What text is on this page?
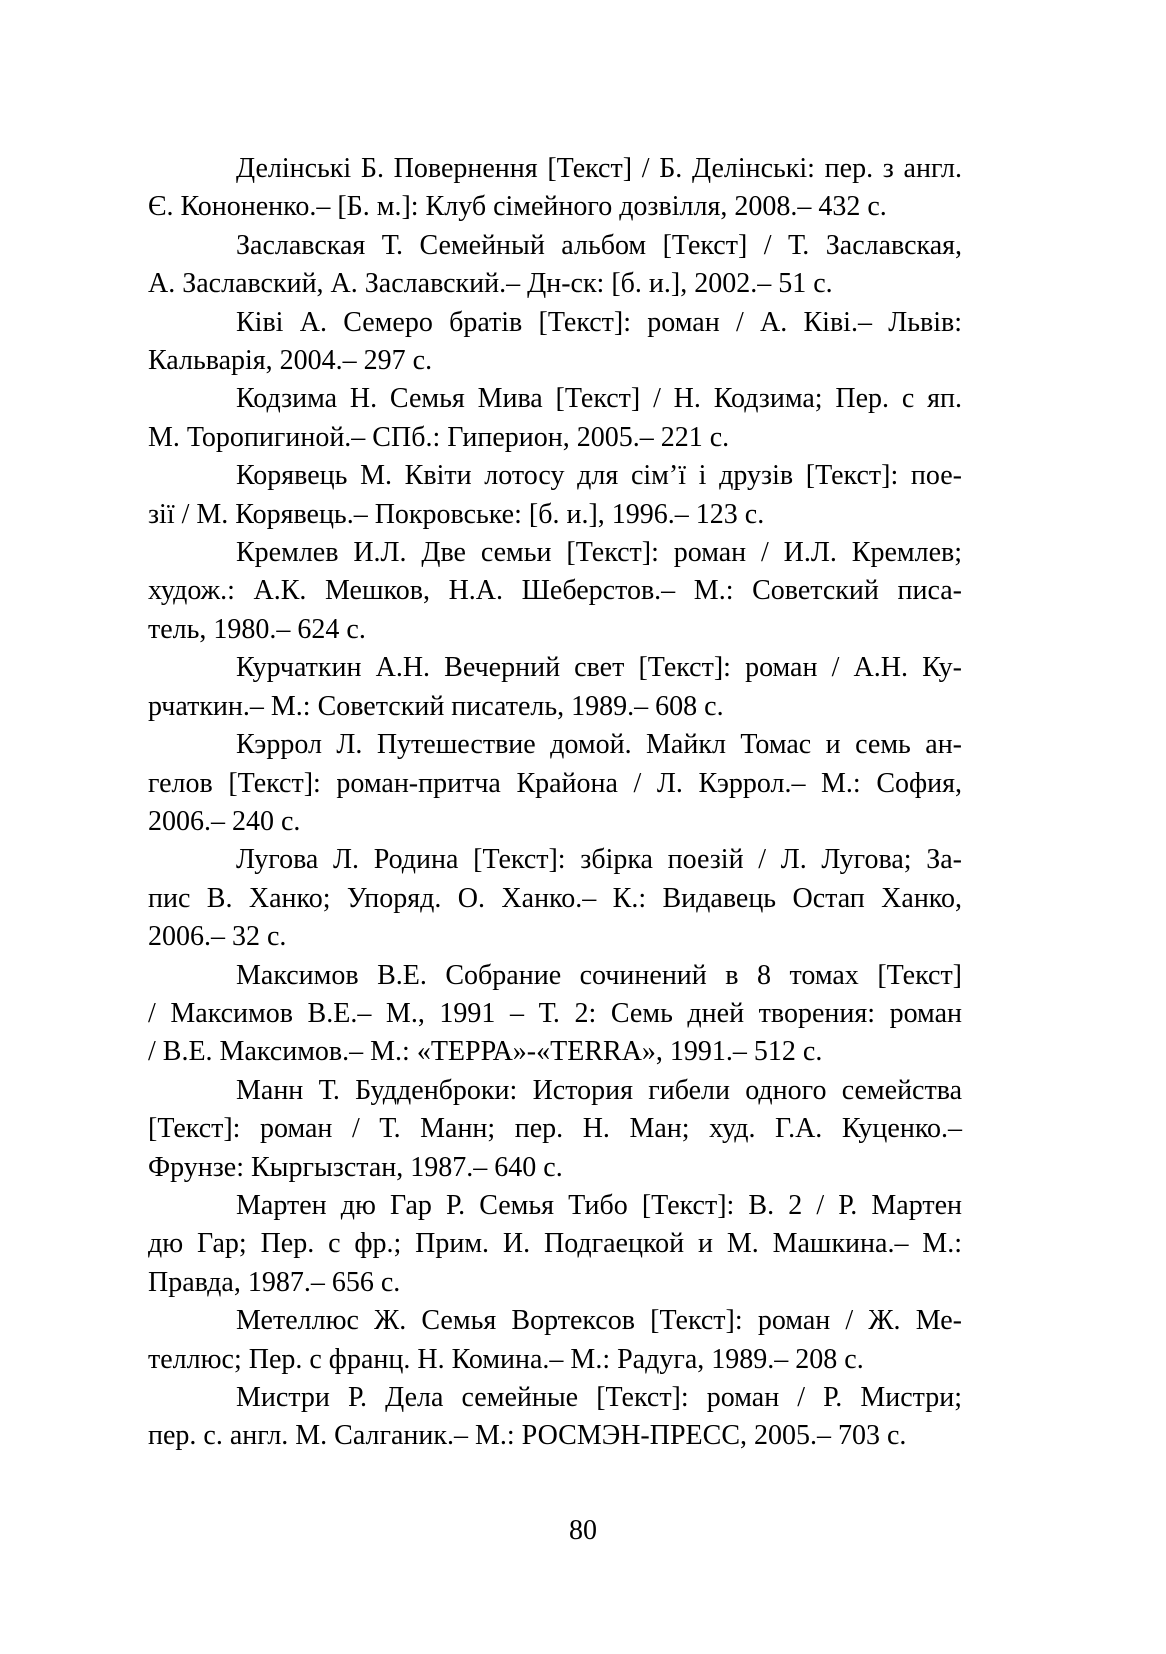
Делінські Б. Повернення [Текст] / Б. Делінські: пер. з англ.
Є. Кононенко.– [Б. м.]: Клуб сімейного дозвілля, 2008.– 432 с.

Заславская Т. Семейный альбом [Текст] / Т. Заславская,
А. Заславский, А. Заславский.– Дн-ск: [б. и.], 2002.– 51 с.

Ківі А. Семеро братів [Текст]: роман / А. Ківі.– Львів:
Кальварія, 2004.– 297 с.

Кодзима Н. Семья Мива [Текст] / Н. Кодзима; Пер. с яп.
М. Торопигиной.– СПб.: Гиперион, 2005.– 221 с.

Корявець М. Квіти лотосу для сім’ї і друзів [Текст]: пое-
зії / М. Корявець.– Покровське: [б. и.], 1996.– 123 с.

Кремлев И.Л. Две семьи [Текст]: роман / И.Л. Кремлев;
худож.: А.К. Мешков, Н.А. Шеберстов.– М.: Советский писа-
тель, 1980.– 624 с.

Курчаткин А.Н. Вечерний свет [Текст]: роман / А.Н. Ку-
рчаткин.– М.: Советский писатель, 1989.– 608 с.

Кэррол Л. Путешествие домой. Майкл Томас и семь ан-
гелов [Текст]: роман-притча Крайона / Л. Кэррол.– М.: София,
2006.– 240 с.

Лугова Л. Родина [Текст]: збірка поезій / Л. Лугова; За-
пис В. Ханко; Упоряд. О. Ханко.– К.: Видавець Остап Ханко,
2006.– 32 с.

Максимов В.Е. Собрание сочинений в 8 томах [Текст]
/ Максимов В.Е.– М., 1991 – Т. 2: Семь дней творения: роман
/ В.Е. Максимов.– М.: «ТЕРРА»-«TERRA», 1991.– 512 с.

Манн Т. Будденброки: История гибели одного семейства
[Текст]: роман / Т. Манн; пер. Н. Ман; худ. Г.А. Куценко.–
Фрунзе: Кыргызстан, 1987.– 640 с.

Мартен дю Гар Р. Семья Тибо [Текст]: В. 2 / Р. Мартен
дю Гар; Пер. с фр.; Прим. И. Подгаецкой и М. Машкина.– М.:
Правда, 1987.– 656 с.

Метеллюс Ж. Семья Вортексов [Текст]: роман / Ж. Ме-
теллюс; Пер. с франц. Н. Комина.– М.: Радуга, 1989.– 208 с.

Мистри Р. Дела семейные [Текст]: роман / Р. Мистри;
пер. с. англ. М. Салганик.– М.: РОСМЭН-ПРЕСС, 2005.– 703 с.

80
